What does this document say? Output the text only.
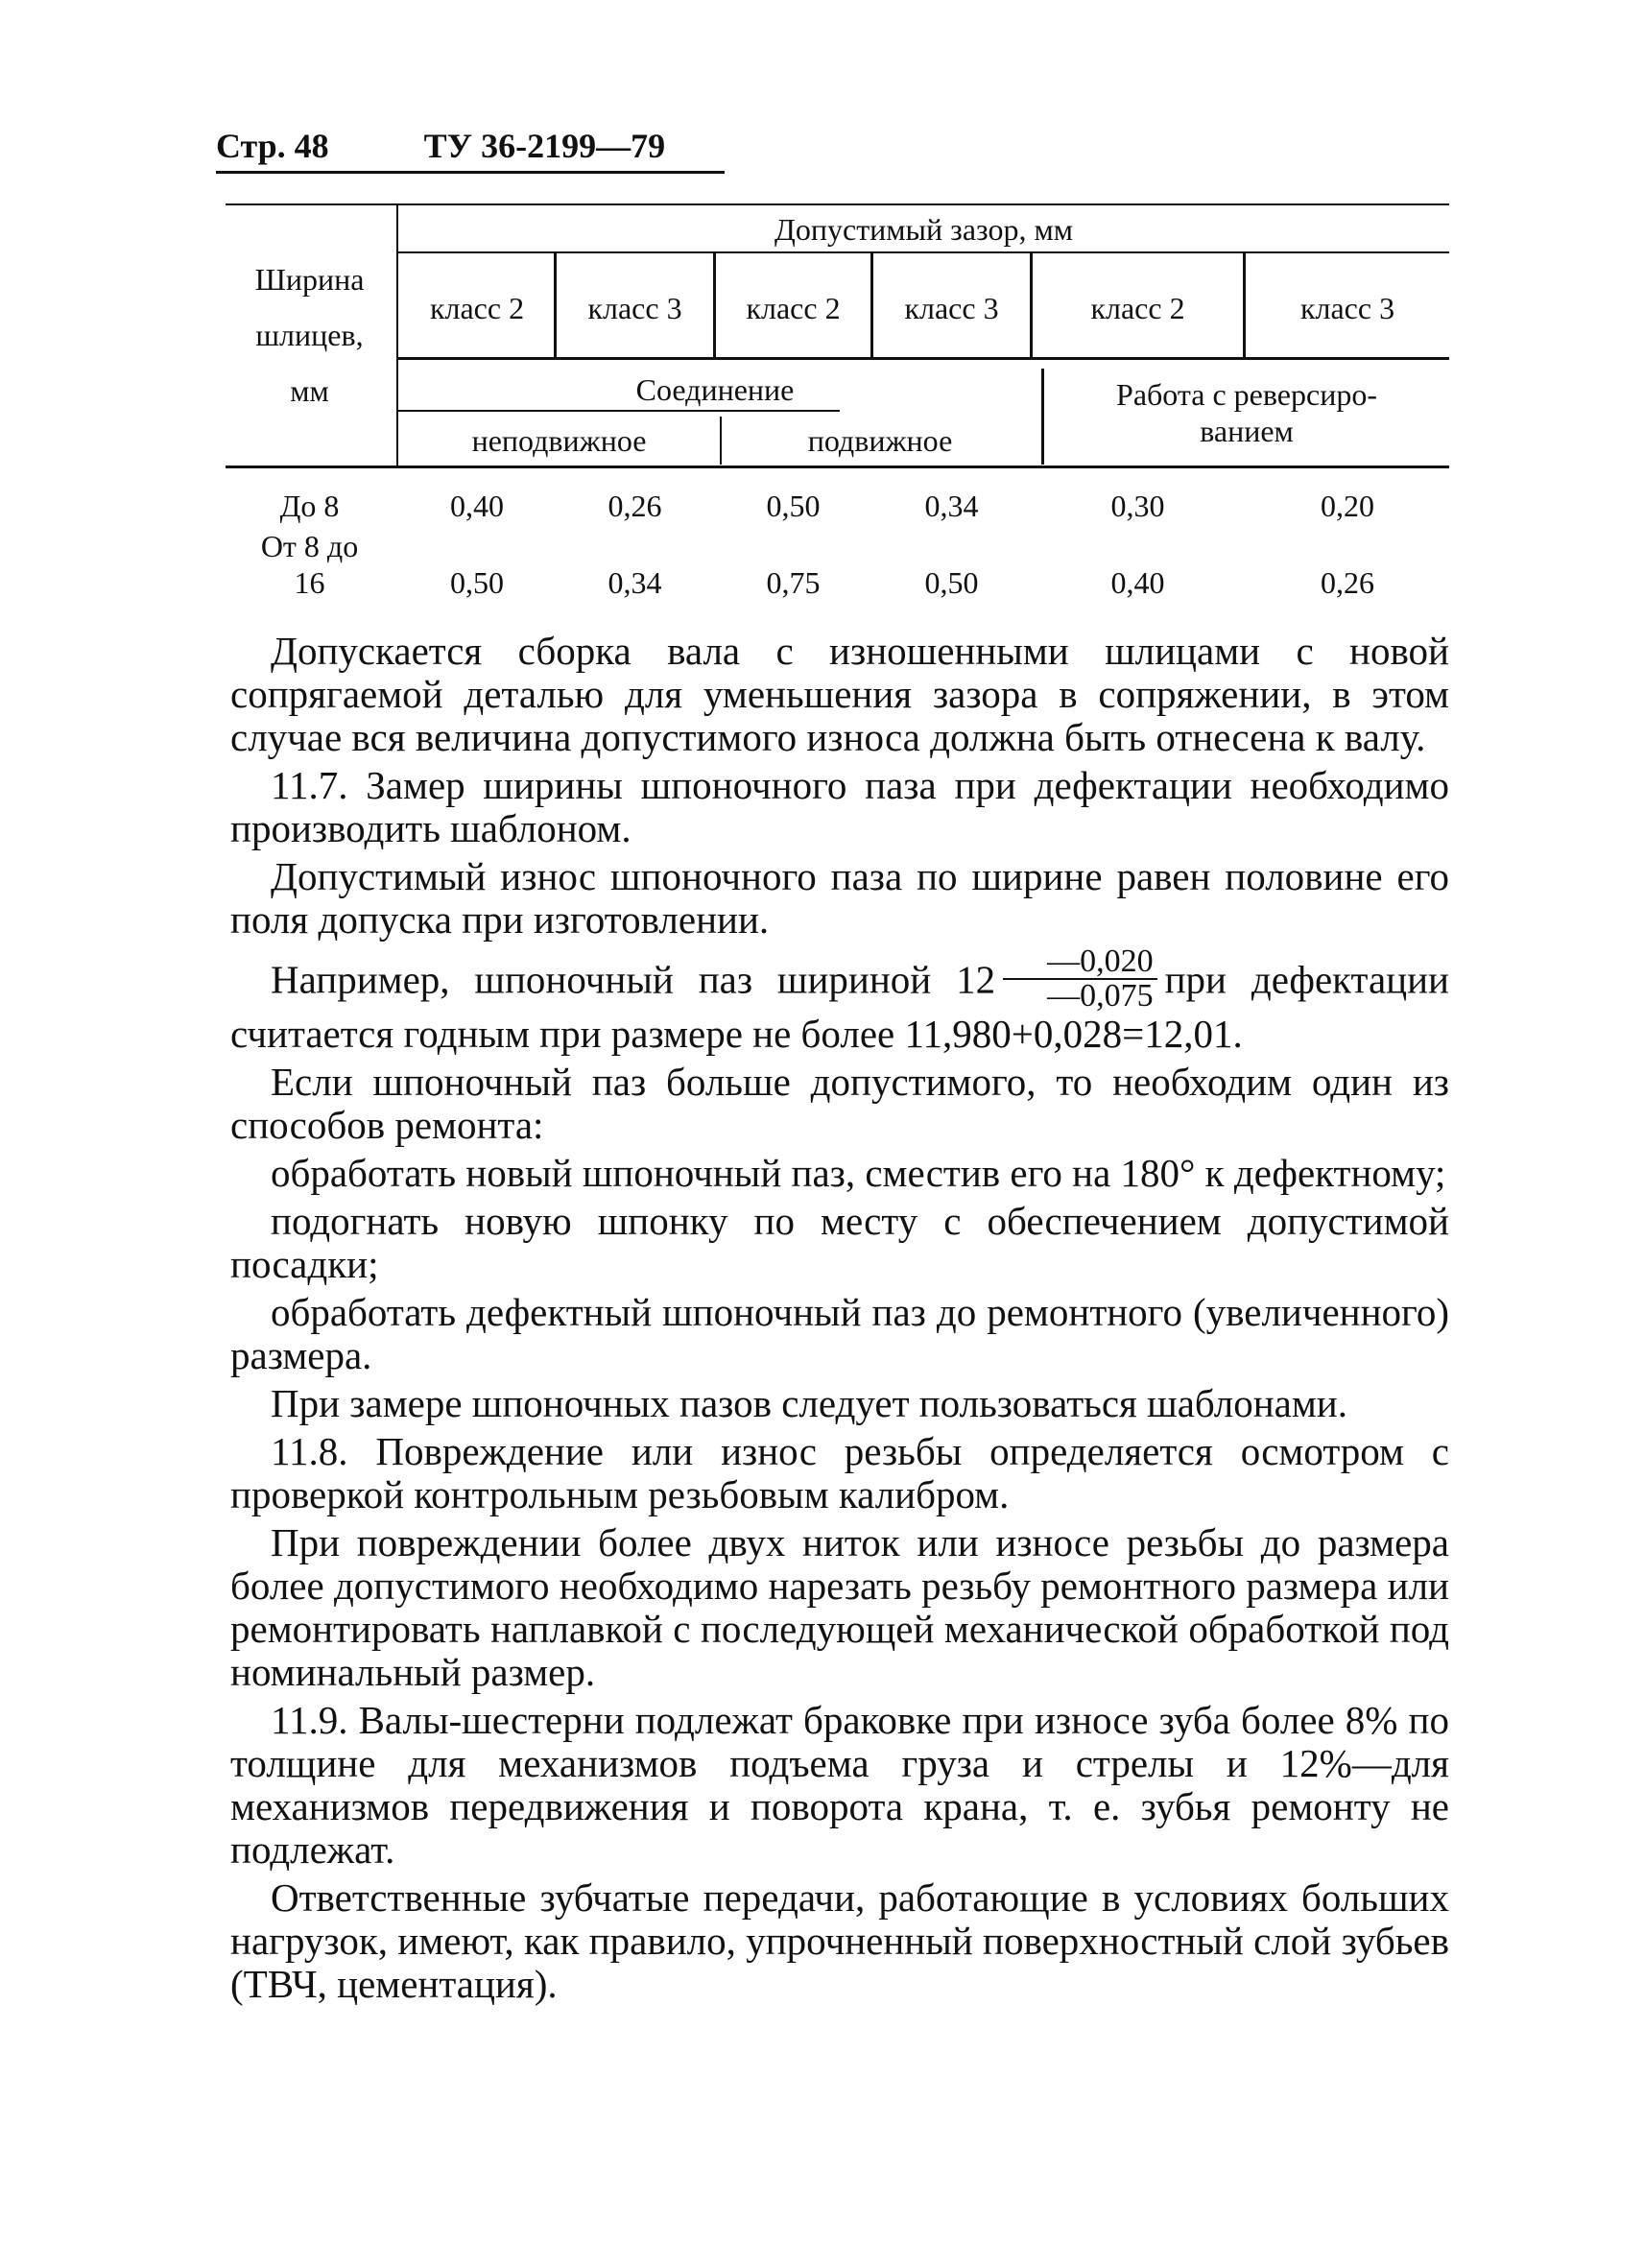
Стр. 48	ТУ 36-2199—79
Ширина
шлицев,
мм
Допустимый зазор, мм
класс 2	класс 3	класс 2	класс 3	класс 2	класс 3
Соединение
неподвижное	подвижное
Работа с реверсиро-
ванием
До 8	0,40	0,26	0,50	0,34	0,30	0,20
От 8 до
16	0,50	0,34	0,75	0,50	0,40	0,26

Допускается сборка вала с изношенными шлицами с новой сопрягаемой деталью для уменьшения зазора в сопряжении, в этом случае вся величина допустимого износа должна быть отнесена к валу.

11.7. Замер ширины шпоночного паза при дефектации необходимо производить шаблоном.

Допустимый износ шпоночного паза по ширине равен половине его поля допуска при изготовлении.

Например, шпоночный паз шириной $12 \frac{—0,020}{—0,075}$ при дефектации считается годным при размере не более 11,980+0,028=12,01.

Если шпоночный паз больше допустимого, то необходим один из способов ремонта:

обработать новый шпоночный паз, сместив его на 180° к дефектному;

подогнать новую шпонку по месту с обеспечением допустимой посадки;

обработать дефектный шпоночный паз до ремонтного (увеличенного) размера.

При замере шпоночных пазов следует пользоваться шаблонами.

11.8. Повреждение или износ резьбы определяется осмотром с проверкой контрольным резьбовым калибром.

При повреждении более двух ниток или износе резьбы до размера более допустимого необходимо нарезать резьбу ремонтного размера или ремонтировать наплавкой с последующей механической обработкой под номинальный размер.

11.9. Валы-шестерни подлежат браковке при износе зуба более 8% по толщине для механизмов подъема груза и стрелы и 12%—для механизмов передвижения и поворота крана, т. е. зубья ремонту не подлежат.

Ответственные зубчатые передачи, работающие в условиях больших нагрузок, имеют, как правило, упрочненный поверхностный слой зубьев (ТВЧ, цементация).
